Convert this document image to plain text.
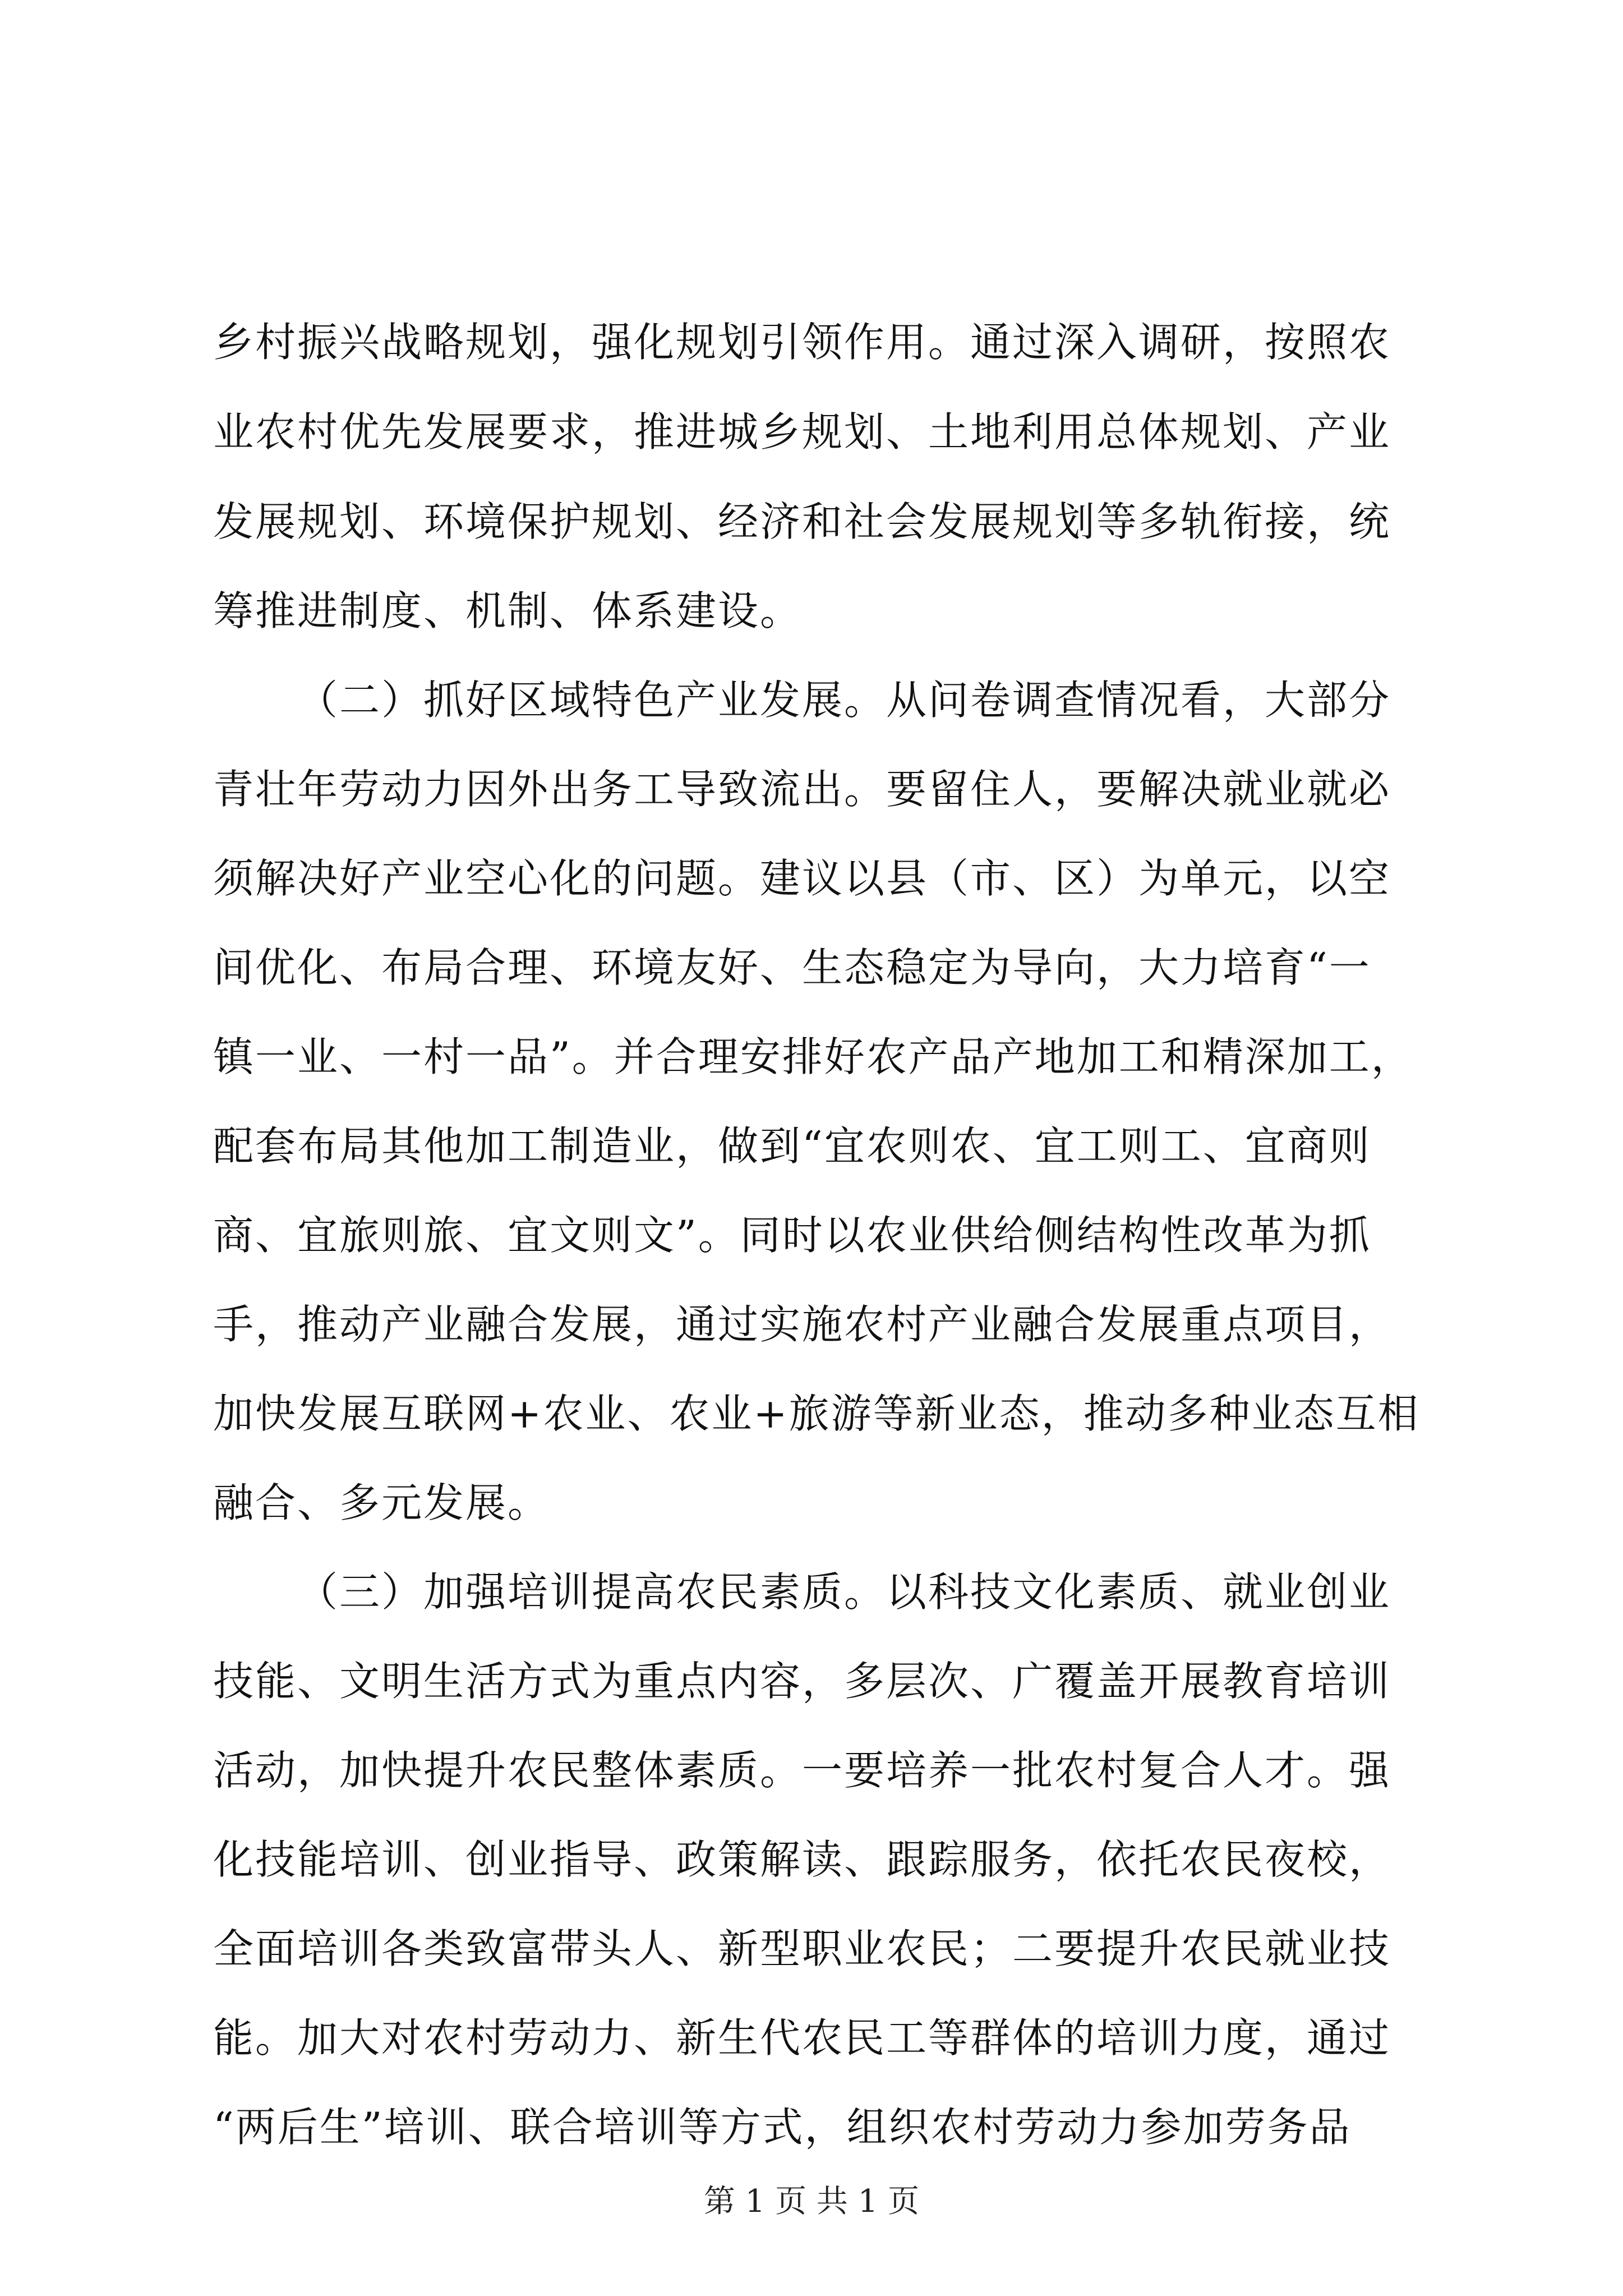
乡村振兴战略规划，强化规划引领作用。通过深入调研，按照农
业农村优先发展要求，推进城乡规划、土地利用总体规划、产业
发展规划、环境保护规划、经济和社会发展规划等多轨衔接，统
筹推进制度、机制、体系建设。
（二）抓好区域特色产业发展。从问卷调查情况看，大部分
青壮年劳动力因外出务工导致流出。要留住人，要解决就业就必
须解决好产业空心化的问题。建议以县（市、区）为单元，以空
间优化、布局合理、环境友好、生态稳定为导向，大力培育“一
镇一业、一村一品”。并合理安排好农产品产地加工和精深加工，
配套布局其他加工制造业，做到“宜农则农、宜工则工、宜商则
商、宜旅则旅、宜文则文”。同时以农业供给侧结构性改革为抓
手，推动产业融合发展，通过实施农村产业融合发展重点项目，
加快发展互联网+农业、农业+旅游等新业态，推动多种业态互相
融合、多元发展。
（三）加强培训提高农民素质。以科技文化素质、就业创业
技能、文明生活方式为重点内容，多层次、广覆盖开展教育培训
活动，加快提升农民整体素质。一要培养一批农村复合人才。强
化技能培训、创业指导、政策解读、跟踪服务，依托农民夜校，
全面培训各类致富带头人、新型职业农民；二要提升农民就业技
能。加大对农村劳动力、新生代农民工等群体的培训力度，通过
“两后生”培训、联合培训等方式，组织农村劳动力参加劳务品
第 1 页 共 1 页
